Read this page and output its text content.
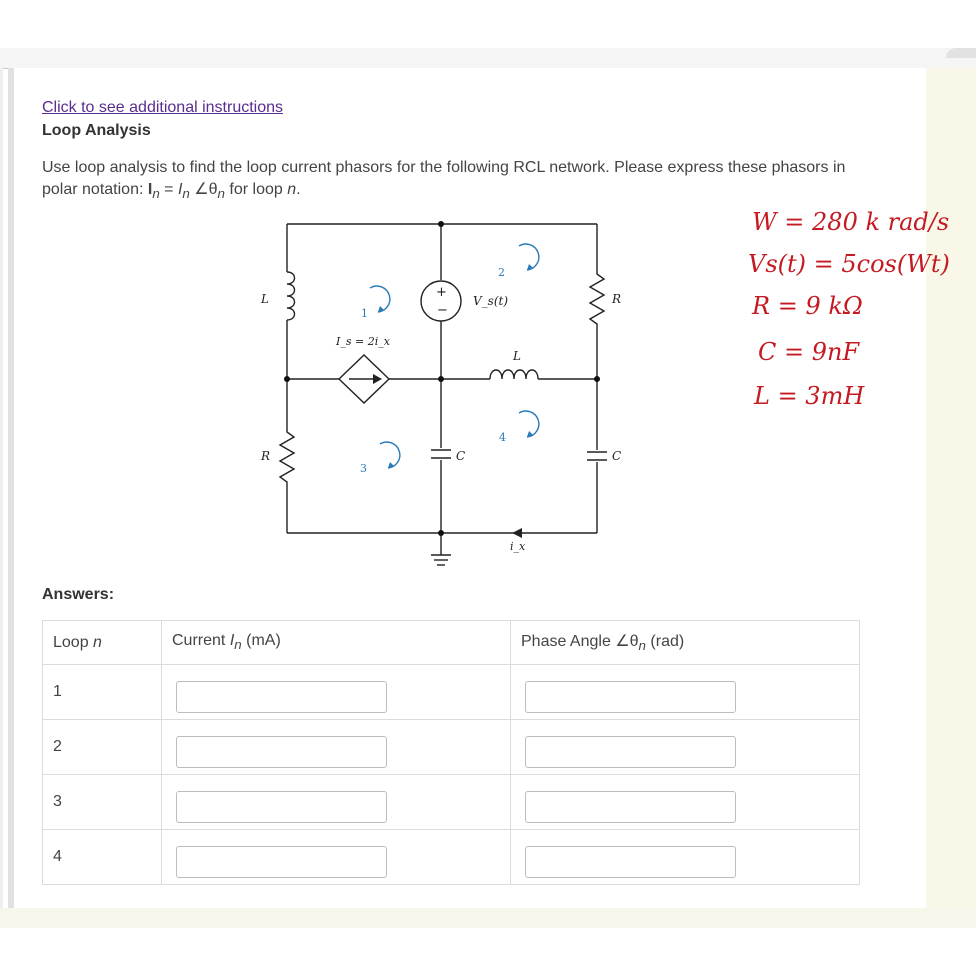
Click to see additional instructions
Loop Analysis
Use loop analysis to find the loop current phasors for the following RCL network. Please express these phasors in polar notation: $I_n = I_n$ $\angle\theta_n$ for loop n.
L
R
R
L
C	C
I_s = 2i_x
V_s(t)
i_x
+
−
1
2
3
4
W = 280 k rad/s
Vs(t) = 5cos(Wt)
R = 9 kΩ
C = 9nF
L = 3mH
Answers:
Loop n	Current $I_n$ (mA)	Phase Angle $\angle\theta_n$ (rad)
1	

2	

3	

4	
